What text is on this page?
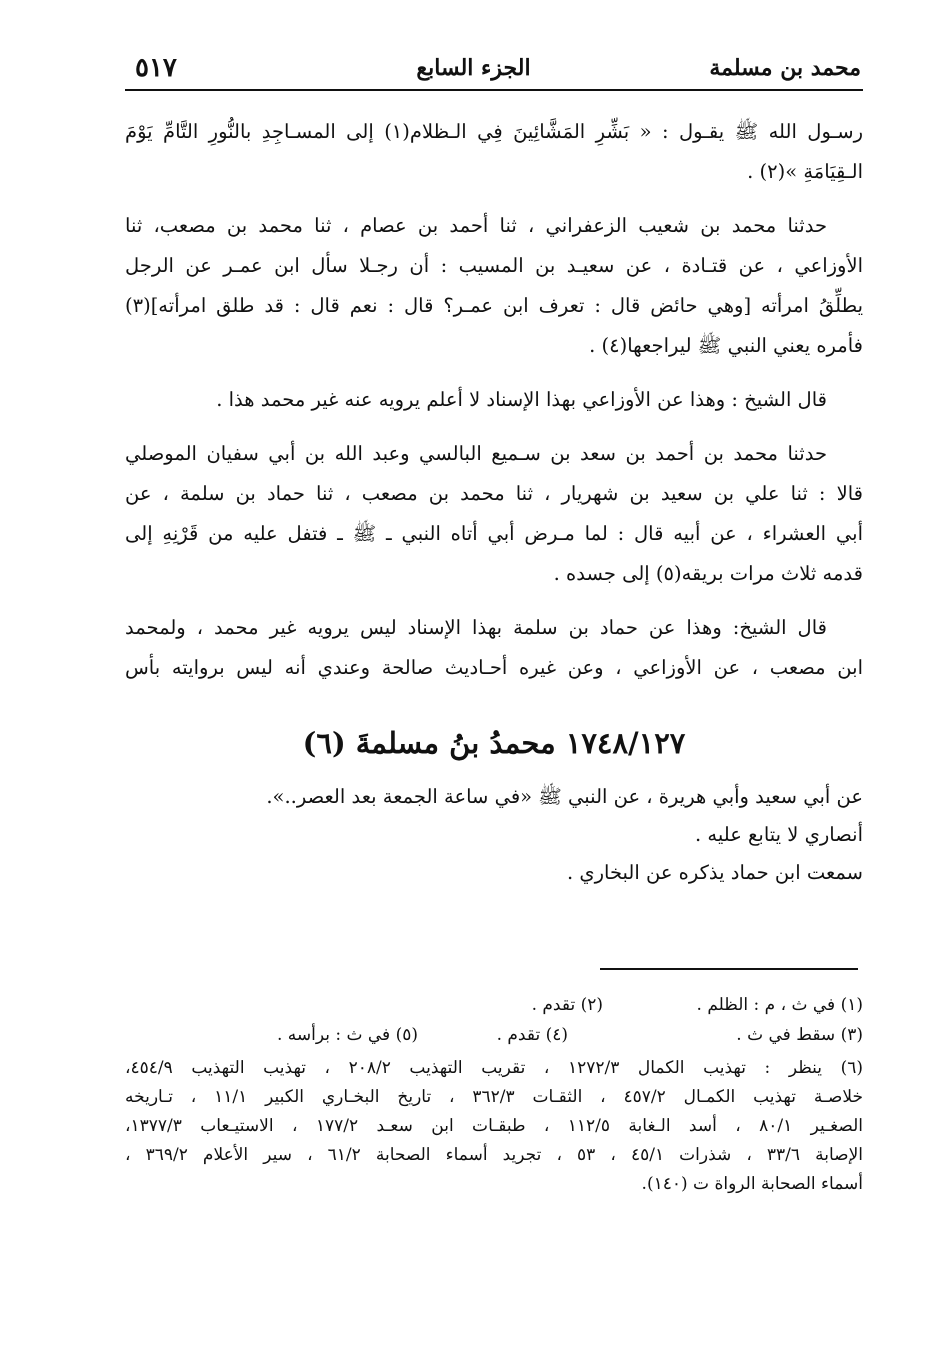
محمد بن مسلمة
الجزء السابع
٥١٧
رسـول الله ﷺ يقـول : « بَشِّرِ المَشَّائِينَ فِي الـظلام(١) إلى المسـاجِدِ بالنُّورِ التَّامِّ يَوْمَ
الـقِيَامَةِ »(٢) .
حدثنا محمد بن شعيب الزعفراني ، ثنا أحمد بن عصام ، ثنا محمد بن مصعب، ثنا
الأوزاعي ، عن قتـادة ، عن سعيـد بن المسيب : أن رجـلا سأل ابن عمـر عن الرجل
يطلِّقُ امرأته [وهي حائض قال : تعرف ابن عمـر؟ قال : نعم قال : قد طلق امرأته](٣)
فأمره يعني النبي ﷺ ليراجعها(٤) .
قال الشيخ : وهذا عن الأوزاعي بهذا الإسناد لا أعلم يرويه عنه غير محمد هذا .
حدثنا محمد بن أحمد بن سعد بن سـميع البالسي وعبد الله بن أبي سفيان الموصلي
قالا : ثنا علي بن سعيد بن شهريار ، ثنا محمد بن مصعب ، ثنا حماد بن سلمة ، عن
أبي العشراء ، عن أبيه قال : لما مـرض أبي أتاه النبي ـ ﷺ ـ فتفل عليه من قَرْنِهِ إلى
قدمه ثلاث مرات بريقه(٥) إلى جسده .
قال الشيخ: وهذا عن حماد بن سلمة بهذا الإسناد ليس يرويه غير محمد ، ولمحمد
ابن مصعب ، عن الأوزاعي ، وعن غيره أحـاديث صالحة وعندي أنه ليس بروايته بأس
١٧٤٨/١٢٧ محمدُ بنُ مسلمةَ (٦)
عن أبي سعيد وأبي هريرة ، عن النبي ﷺ «في ساعة الجمعة بعد العصر..».
أنصاري لا يتابع عليه .
سمعت ابن حماد يذكره عن البخاري .
(١) في ث ، م : الظلم .
(٢) تقدم .
(٣) سقط في ث .
(٤) تقدم .
(٥) في ث : برأسه .
(٦) ينظر : تهذيب الكمال ١٢٧٢/٣ ، تقريب التهذيب ٢٠٨/٢ ، تهذيب التهذيب ٤٥٤/٩،
خلاصـة تهذيب الكمـال ٤٥٧/٢ ، الثقـات ٣٦٢/٣ ، تاريخ البخـاري الكبير ١١/١ ، تـاريخه
الصغـير ٨٠/١ ، أسد الـغابة ١١٢/٥ ، طبقـات ابن سعـد ١٧٧/٢ ، الاستيـعاب ١٣٧٧/٣،
الإصابة ٣٣/٦ ، شذرات ٤٥/١ ، ٥٣ ، تجريد أسماء الصحابة ٦١/٢ ، سير الأعلام ٣٦٩/٢ ،
أسماء الصحابة الرواة ت (١٤٠).
